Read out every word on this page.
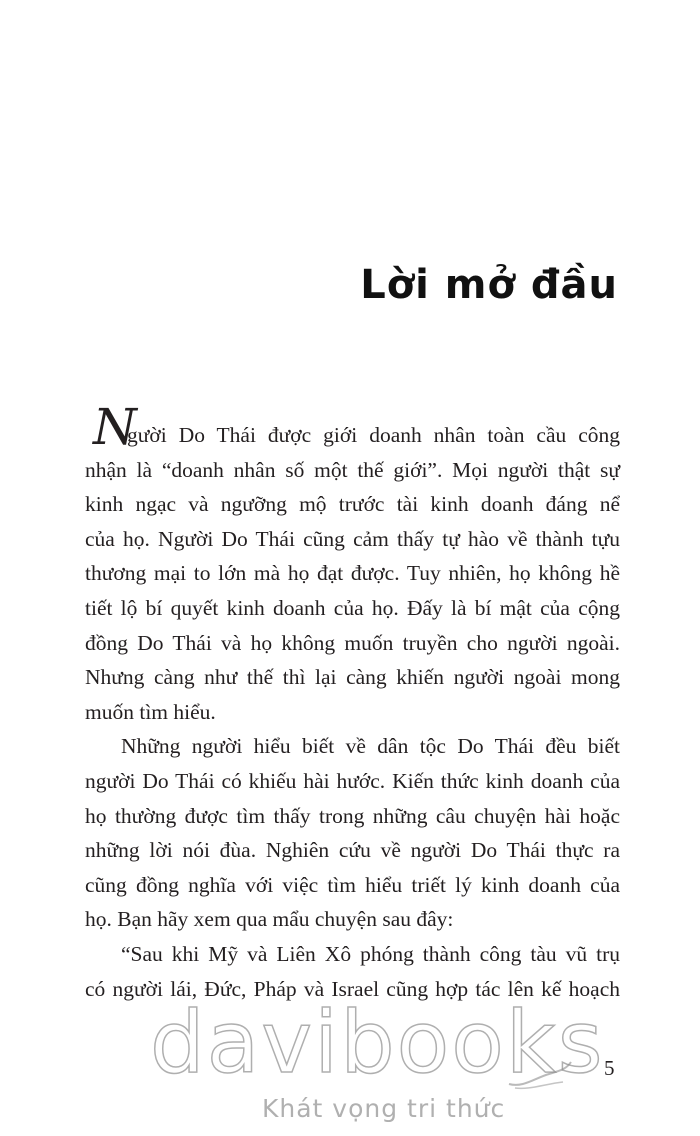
Lời mở đầu
N
gười Do Thái được giới doanh nhân toàn cầu công
nhận là “doanh nhân số một thế giới”. Mọi người thật sự
kinh ngạc và ngưỡng mộ trước tài kinh doanh đáng nể
của họ. Người Do Thái cũng cảm thấy tự hào về thành tựu
thương mại to lớn mà họ đạt được. Tuy nhiên, họ không hề
tiết lộ bí quyết kinh doanh của họ. Đấy là bí mật của cộng
đồng Do Thái và họ không muốn truyền cho người ngoài.
Nhưng càng như thế thì lại càng khiến người ngoài mong
muốn tìm hiểu.
Những người hiểu biết về dân tộc Do Thái đều biết
người Do Thái có khiếu hài hước. Kiến thức kinh doanh của
họ thường được tìm thấy trong những câu chuyện hài hoặc
những lời nói đùa. Nghiên cứu về người Do Thái thực ra
cũng đồng nghĩa với việc tìm hiểu triết lý kinh doanh của
họ. Bạn hãy xem qua mẩu chuyện sau đây:
“Sau khi Mỹ và Liên Xô phóng thành công tàu vũ trụ
có người lái, Đức, Pháp và Israel cũng hợp tác lên kế hoạch
davibooks
Khát vọng tri thức
5
